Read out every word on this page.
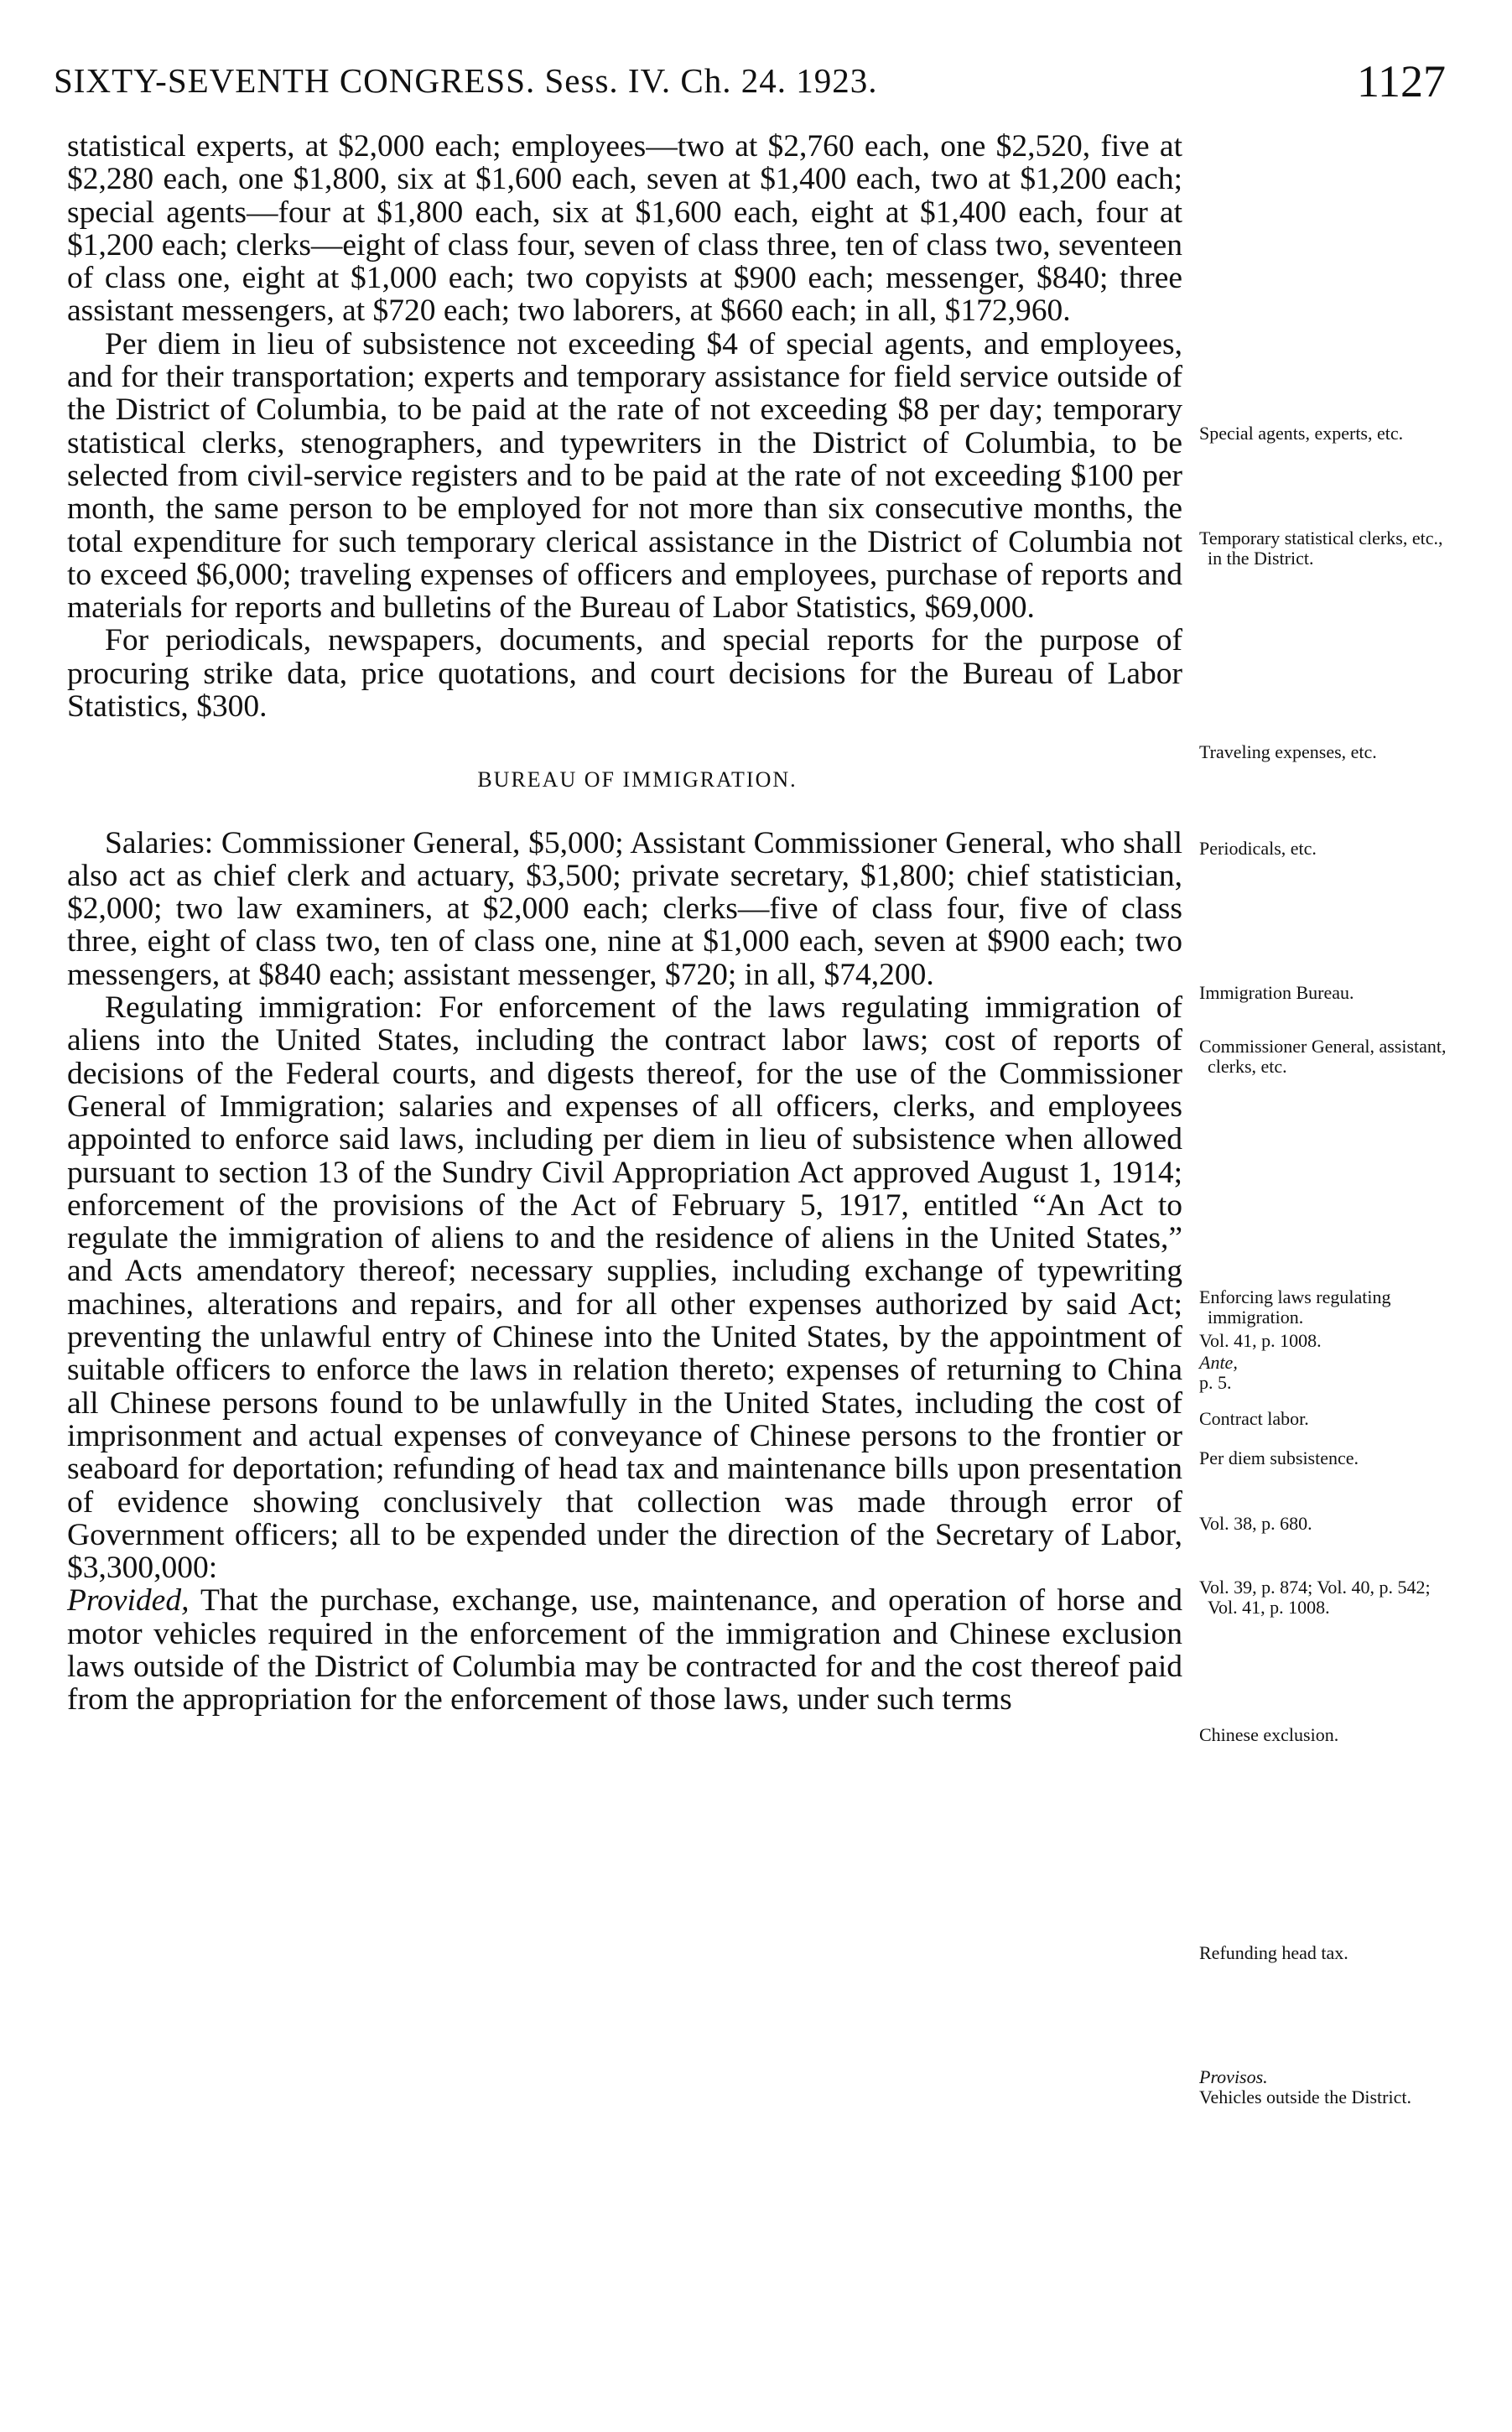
SIXTY-SEVENTH CONGRESS. Sess. IV. Ch. 24. 1923.	1127

statistical experts, at $2,000 each; employees—two at $2,760 each, one $2,520, five at $2,280 each, one $1,800, six at $1,600 each, seven at $1,400 each, two at $1,200 each; special agents—four at $1,800 each, six at $1,600 each, eight at $1,400 each, four at $1,200 each; clerks—eight of class four, seven of class three, ten of class two, seventeen of class one, eight at $1,000 each; two copyists at $900 each; messenger, $840; three assistant messengers, at $720 each; two laborers, at $660 each; in all, $172,960.

Per diem in lieu of subsistence not exceeding $4 of special agents, and employees, and for their transportation; experts and temporary assistance for field service outside of the District of Columbia, to be paid at the rate of not exceeding $8 per day; temporary statistical clerks, stenographers, and typewriters in the District of Columbia, to be selected from civil-service registers and to be paid at the rate of not exceeding $100 per month, the same person to be employed for not more than six consecutive months, the total expenditure for such temporary clerical assistance in the District of Columbia not to exceed $6,000; traveling expenses of officers and employees, purchase of reports and materials for reports and bulletins of the Bureau of Labor Statistics, $69,000.

For periodicals, newspapers, documents, and special reports for the purpose of procuring strike data, price quotations, and court decisions for the Bureau of Labor Statistics, $300.

BUREAU OF IMMIGRATION.

Salaries: Commissioner General, $5,000; Assistant Commissioner General, who shall also act as chief clerk and actuary, $3,500; private secretary, $1,800; chief statistician, $2,000; two law examiners, at $2,000 each; clerks—five of class four, five of class three, eight of class two, ten of class one, nine at $1,000 each, seven at $900 each; two messengers, at $840 each; assistant messenger, $720; in all, $74,200.

Regulating immigration: For enforcement of the laws regulating immigration of aliens into the United States, including the contract labor laws; cost of reports of decisions of the Federal courts, and digests thereof, for the use of the Commissioner General of Immigration; salaries and expenses of all officers, clerks, and employees appointed to enforce said laws, including per diem in lieu of subsistence when allowed pursuant to section 13 of the Sundry Civil Appropriation Act approved August 1, 1914; enforcement of the provisions of the Act of February 5, 1917, entitled “An Act to regulate the immigration of aliens to and the residence of aliens in the United States,” and Acts amendatory thereof; necessary supplies, including exchange of typewriting machines, alterations and repairs, and for all other expenses authorized by said Act; preventing the unlawful entry of Chinese into the United States, by the appointment of suitable officers to enforce the laws in relation thereto; expenses of returning to China all Chinese persons found to be unlawfully in the United States, including the cost of imprisonment and actual expenses of conveyance of Chinese persons to the frontier or seaboard for deportation; refunding of head tax and maintenance bills upon presentation of evidence showing conclusively that collection was made through error of Government officers; all to be expended under the direction of the Secretary of Labor, $3,300,000:

Provided, That the purchase, exchange, use, maintenance, and operation of horse and motor vehicles required in the enforcement of the immigration and Chinese exclusion laws outside of the District of Columbia may be contracted for and the cost thereof paid from the appropriation for the enforcement of those laws, under such terms

Special agents, experts, etc.
Temporary statistical clerks, etc., in the District.
Traveling expenses, etc.
Periodicals, etc.
Immigration Bureau.
Commissioner General, assistant, clerks, etc.
Enforcing laws regulating immigration.
Vol. 41, p. 1008.
Ante,
p. 5.
Contract labor.
Per diem subsistence.
Vol. 38, p. 680.
Vol. 39, p. 874; Vol. 40, p. 542; Vol. 41, p. 1008.
Chinese exclusion.
Refunding head tax.
Provisos.
Vehicles outside the District.
